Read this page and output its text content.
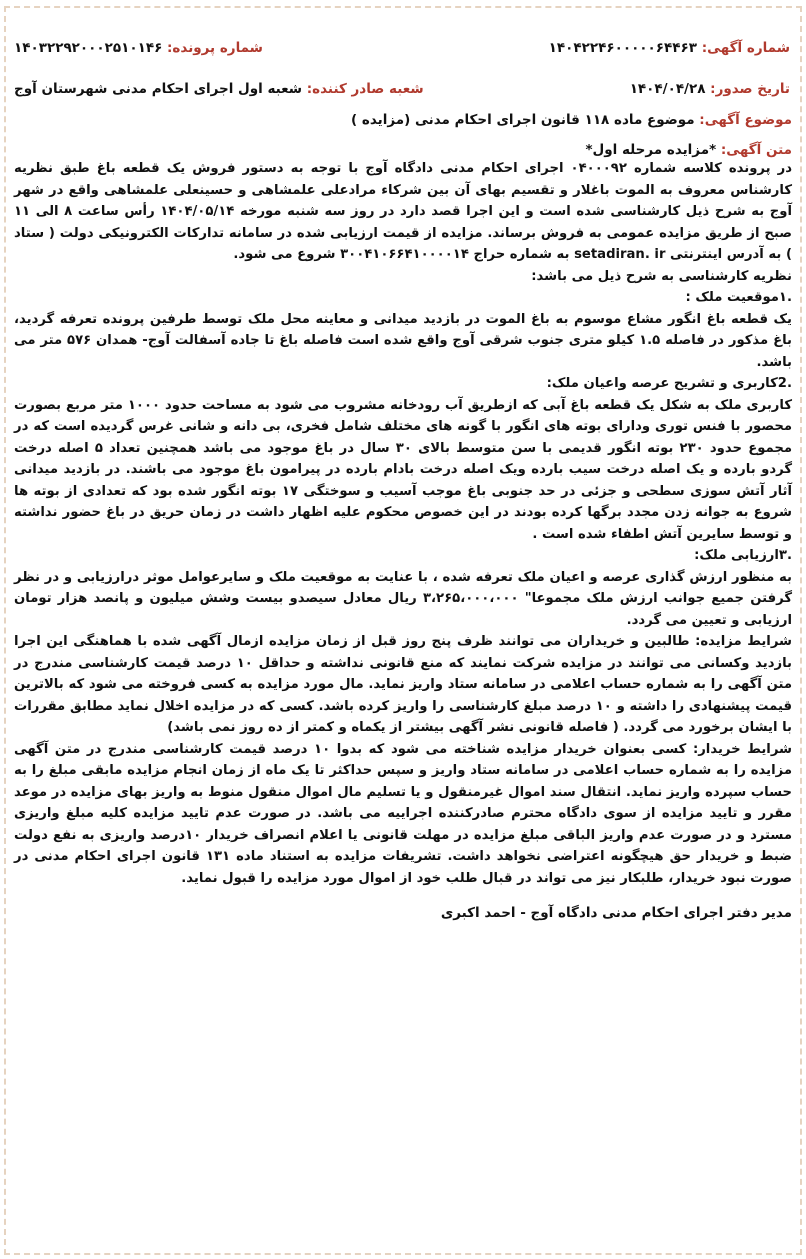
شماره آگهی: ۱۴۰۴۲۲۴۶۰۰۰۰۰۶۴۴۶۳
شماره پرونده: ۱۴۰۳۲۲۹۲۰۰۰۲۵۱۰۱۴۶
تاریخ صدور: ۱۴۰۴/۰۴/۲۸
شعبه صادر کننده: شعبه اول اجرای احکام مدنی شهرستان آوج
موضوع آگهی: موضوع ماده ۱۱۸ قانون اجرای احکام مدنی (مزایده )
متن آگهی: *مزایده مرحله اول*

در پرونده کلاسه شماره ۰۴۰۰۰۹۲ اجرای احکام مدنی دادگاه آوج با توجه به دستور فروش یک قطعه باغ طبق نظریه کارشناس معروف به الموت باغلار و تقسیم بهای آن بین شرکاء مرادعلی علمشاهی و حسینعلی علمشاهی واقع در شهر آوج به شرح ذیل کارشناسی شده است و این اجرا قصد دارد در روز سه شنبه مورخه ۱۴۰۴/۰۵/۱۴ رأس ساعت ۸ الی ۱۱ صبح از طریق مزایده عمومی به فروش برساند. مزایده از قیمت ارزیابی شده در سامانه تدارکات الکترونیکی دولت ( ستاد ) به آدرس اینترنتی setadiran. ir به شماره حراج ۳۰۰۴۱۰۶۶۴۱۰۰۰۰۱۴ شروع می شود.

نظریه کارشناسی به شرح ذیل می باشد:

.۱موقعیت ملک :

یک قطعه باغ انگور مشاع موسوم به باغ الموت در بازدید میدانی و معاینه محل ملک توسط طرفین پرونده تعرفه گردید، باغ مذکور در فاصله ۱.۵ کیلو متری جنوب شرقی آوج واقع شده است فاصله باغ تا جاده آسفالت آوج- همدان ۵۷۶ متر می باشد.

.2کاربری و تشریح عرصه واعیان ملک:

کاربری ملک به شکل یک قطعه باغ آبی که ازطریق آب رودخانه مشروب می شود به مساحت حدود ۱۰۰۰ متر مربع بصورت محصور با فنس توری ودارای بوته های انگور با گونه های مختلف شامل فخری، بی دانه و شانی غرس گردیده است که در مجموع حدود ۲۳۰ بوته انگور قدیمی با سن متوسط بالای ۳۰ سال در باغ موجود می باشد همچنین تعداد ۵ اصله درخت گردو بارده و یک اصله درخت سیب بارده ویک اصله درخت بادام بارده در پیرامون باغ موجود می باشند. در بازدید میدانی آثار آتش سوزی سطحی و جزئی در حد جنوبی باغ موجب آسیب و سوختگی ۱۷ بوته انگور شده بود که تعدادی از بوته ها شروع به جوانه زدن مجدد برگها کرده بودند در این خصوص محکوم علیه اظهار داشت در زمان حریق در باغ حضور نداشته و توسط سایرین آتش اطفاء شده است .

.۳ارزیابی ملک:

به منظور ارزش گذاری عرصه و اعیان ملک تعرفه شده ، با عنایت به موقعیت ملک و سایرعوامل موثر درارزیابی و در نظر گرفتن جمیع جوانب ارزش ملک مجموعا" ۳،۲۶۵،۰۰۰،۰۰۰ ریال معادل سیصدو بیست وشش میلیون و پانصد هزار تومان ارزیابی و تعیین می گردد.

شرایط مزایده: طالبین و خریداران می توانند ظرف پنج روز قبل از زمان مزایده ازمال آگهی شده با هماهنگی این اجرا بازدید وکسانی می توانند در مزایده شرکت نمایند که منع قانونی نداشته و حداقل ۱۰ درصد قیمت کارشناسی مندرج در متن آگهی را به شماره حساب اعلامی در سامانه ستاد واریز نماید. مال مورد مزایده به کسی فروخته می شود که بالاترین قیمت پیشنهادی را داشته و ۱۰ درصد مبلغ کارشناسی را واریز کرده باشد. کسی که در مزایده اخلال نماید مطابق مقررات با ایشان برخورد می گردد. ( فاصله قانونی نشر آگهی بیشتر از یکماه و کمتر از ده روز نمی باشد)

شرایط خریدار: کسی بعنوان خریدار مزایده شناخته می شود که بدوا ۱۰ درصد قیمت کارشناسی مندرج در متن آگهی مزایده را به شماره حساب اعلامی در سامانه ستاد واریز و سپس حداکثر تا یک ماه از زمان انجام مزایده مابقی مبلغ را به حساب سپرده واریز نماید. انتقال سند اموال غیرمنقول و یا تسلیم مال اموال منقول منوط به واریز بهای مزایده در موعد مقرر و تایید مزایده از سوی دادگاه محترم صادرکننده اجراییه می باشد. در صورت عدم تایید مزایده کلیه مبلغ واریزی مسترد و در صورت عدم واریز الباقی مبلغ مزایده در مهلت قانونی یا اعلام انصراف خریدار ۱۰درصد واریزی به نفع دولت ضبط و خریدار حق هیچگونه اعتراضی نخواهد داشت. تشریفات مزایده به استناد ماده ۱۳۱ قانون اجرای احکام مدنی در صورت نبود خریدار، طلبکار نیز می تواند در قبال طلب خود از اموال مورد مزایده را قبول نماید.

مدیر دفتر اجرای احکام مدنی دادگاه آوج - احمد اکبری
